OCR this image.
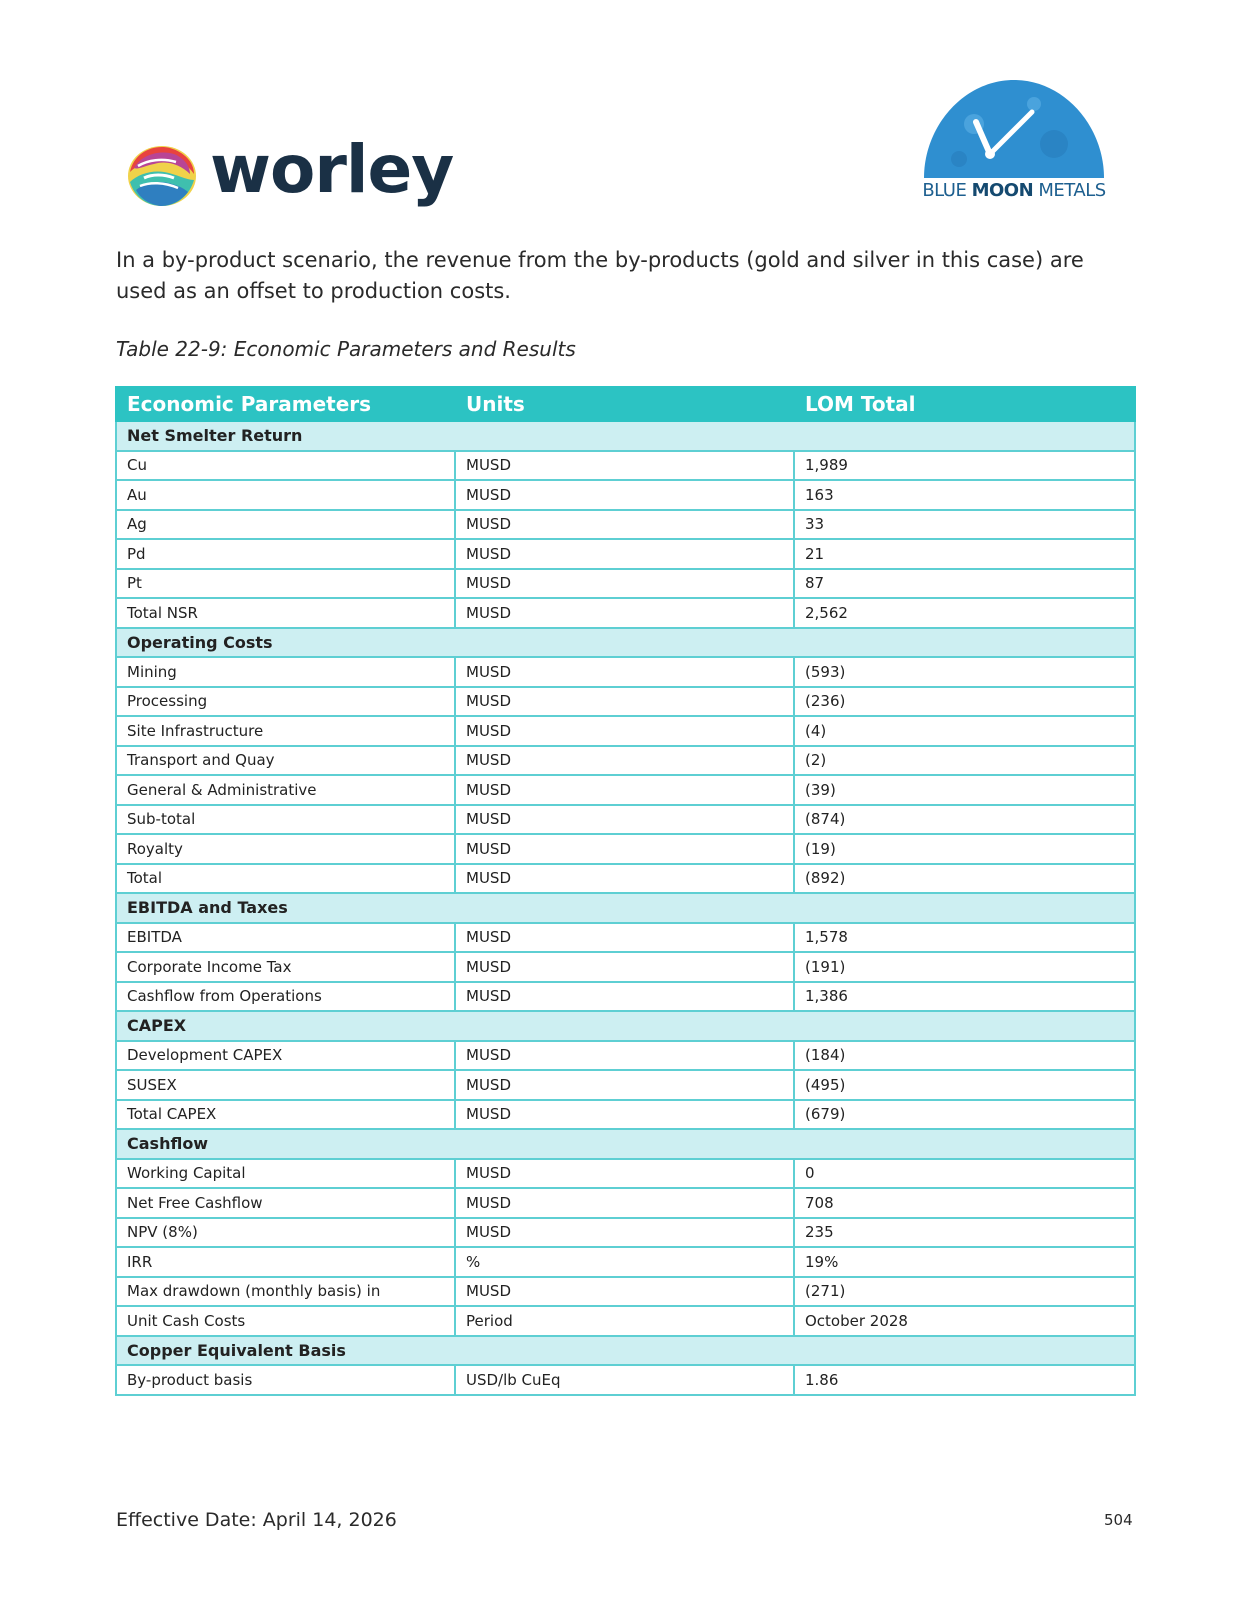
worley	BLUE MOON METALS

In a by-product scenario, the revenue from the by-products (gold and silver in this case) are used as an offset to production costs.

Table 22-9: Economic Parameters and Results
Economic Parameters	Units	LOM Total
Net Smelter Return		
Cu	MUSD	1,989
Au	MUSD	163
Ag	MUSD	33
Pd	MUSD	21
Pt	MUSD	87
Total NSR	MUSD	2,562
Operating Costs		
Mining	MUSD	(593)
Processing	MUSD	(236)
Site Infrastructure	MUSD	(4)
Transport and Quay	MUSD	(2)
General & Administrative	MUSD	(39)
Sub-total	MUSD	(874)
Royalty	MUSD	(19)
Total	MUSD	(892)
EBITDA and Taxes		
EBITDA	MUSD	1,578
Corporate Income Tax	MUSD	(191)
Cashflow from Operations	MUSD	1,386
CAPEX		
Development CAPEX	MUSD	(184)
SUSEX	MUSD	(495)
Total CAPEX	MUSD	(679)
Cashflow		
Working Capital	MUSD	0
Net Free Cashflow	MUSD	708
NPV (8%)	MUSD	235
IRR	%	19%
Max drawdown (monthly basis) in	MUSD	(271)
Unit Cash Costs	Period	October 2028
Copper Equivalent Basis		
By-product basis	USD/lb CuEq	1.86
Effective Date: April 14, 2026	504
